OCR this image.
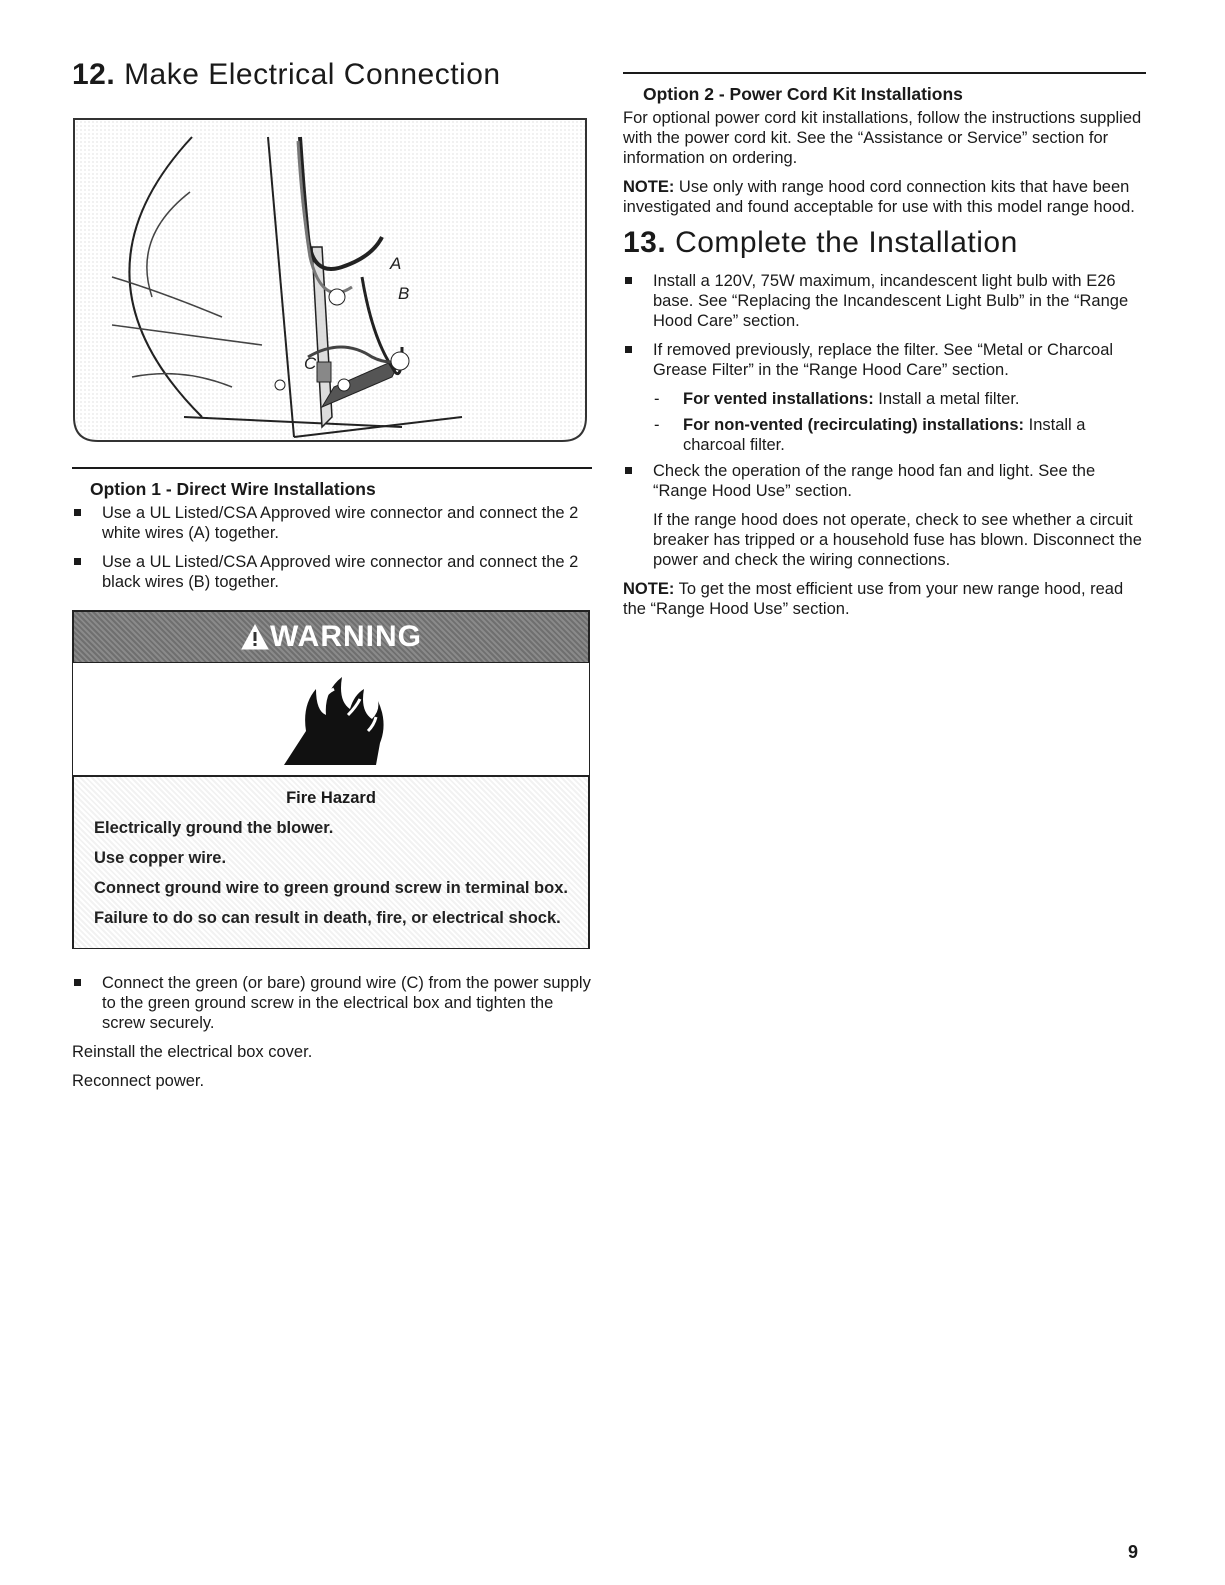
12. Make Electrical Connection
A
B
C
Option 1 - Direct Wire Installations
Use a UL Listed/CSA Approved wire connector and connect the 2 white wires (A) together.
Use a UL Listed/CSA Approved wire connector and connect the 2 black wires (B) together.
WARNING
Fire Hazard
Electrically ground the blower.
Use copper wire.
Connect ground wire to green ground screw in terminal box.
Failure to do so can result in death, fire, or electrical shock.
Connect the green (or bare) ground wire (C) from the power supply to the green ground screw in the electrical box and tighten the screw securely.
Reinstall the electrical box cover.
Reconnect power.
Option 2 - Power Cord Kit Installations
For optional power cord kit installations, follow the instructions supplied with the power cord kit. See the “Assistance or Service” section for information on ordering.
NOTE: Use only with range hood cord connection kits that have been investigated and found acceptable for use with this model range hood.
13. Complete the Installation
Install a 120V, 75W maximum, incandescent light bulb with E26 base. See “Replacing the Incandescent Light Bulb” in the “Range Hood Care” section.
If removed previously, replace the filter. See “Metal or Charcoal Grease Filter” in the “Range Hood Care” section.
- For vented installations: Install a metal filter.
- For non-vented (recirculating) installations: Install a charcoal filter.
Check the operation of the range hood fan and light. See the “Range Hood Use” section.
If the range hood does not operate, check to see whether a circuit breaker has tripped or a household fuse has blown. Disconnect the power and check the wiring connections.
NOTE: To get the most efficient use from your new range hood, read the “Range Hood Use” section.
9
